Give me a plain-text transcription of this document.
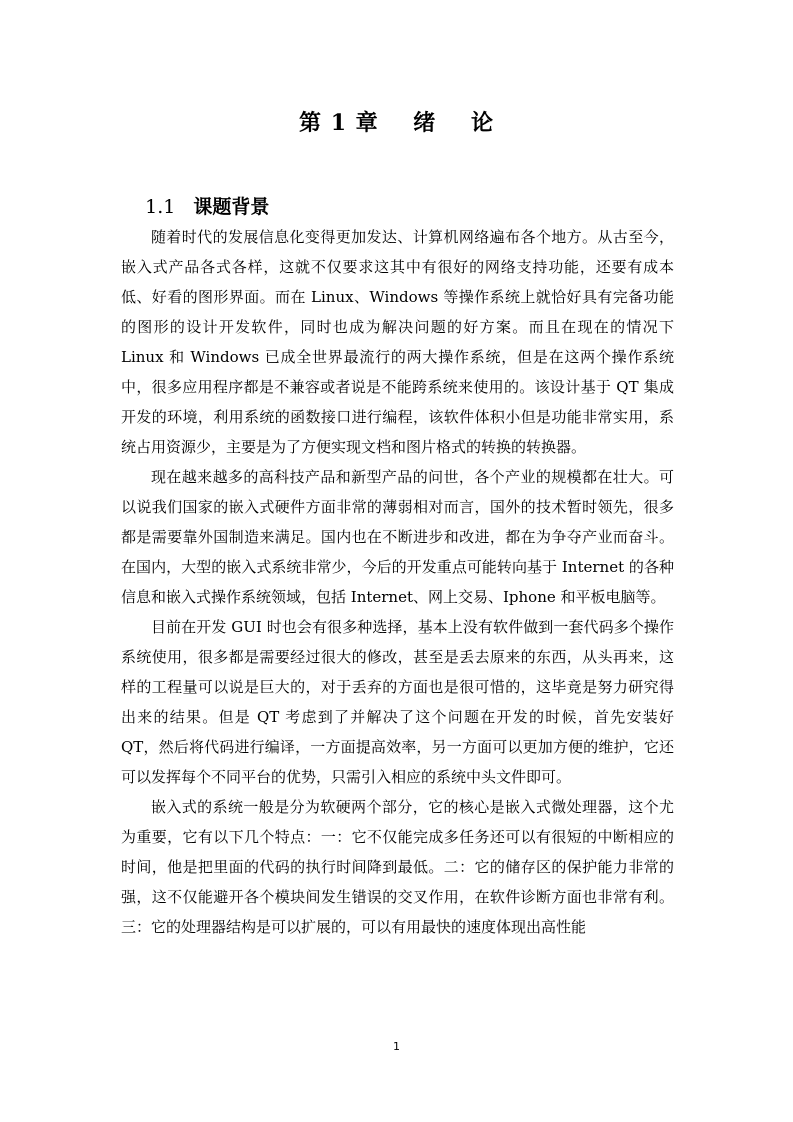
第 1 章    绪    论

1.1 课题背景

随着时代的发展信息化变得更加发达、计算机网络遍布各个地方。从古至今，嵌入式产品各式各样，这就不仅要求这其中有很好的网络支持功能，还要有成本低、好看的图形界面。而在 Linux、Windows 等操作系统上就恰好具有完备功能的图形的设计开发软件，同时也成为解决问题的好方案。而且在现在的情况下 Linux 和 Windows 已成全世界最流行的两大操作系统，但是在这两个操作系统中，很多应用程序都是不兼容或者说是不能跨系统来使用的。该设计基于 QT 集成开发的环境，利用系统的函数接口进行编程，该软件体积小但是功能非常实用，系统占用资源少，主要是为了方便实现文档和图片格式的转换的转换器。

现在越来越多的高科技产品和新型产品的问世，各个产业的规模都在壮大。可以说我们国家的嵌入式硬件方面非常的薄弱相对而言，国外的技术暂时领先，很多都是需要靠外国制造来满足。国内也在不断进步和改进，都在为争夺产业而奋斗。在国内，大型的嵌入式系统非常少，今后的开发重点可能转向基于 Internet 的各种信息和嵌入式操作系统领域，包括 Internet、网上交易、Iphone 和平板电脑等。

目前在开发 GUI 时也会有很多种选择，基本上没有软件做到一套代码多个操作系统使用，很多都是需要经过很大的修改，甚至是丢去原来的东西，从头再来，这样的工程量可以说是巨大的，对于丢弃的方面也是很可惜的，这毕竟是努力研究得出来的结果。但是 QT 考虑到了并解决了这个问题在开发的时候，首先安装好 QT，然后将代码进行编译，一方面提高效率，另一方面可以更加方便的维护，它还可以发挥每个不同平台的优势，只需引入相应的系统中头文件即可。

嵌入式的系统一般是分为软硬两个部分，它的核心是嵌入式微处理器，这个尤为重要，它有以下几个特点：一：它不仅能完成多任务还可以有很短的中断相应的时间，他是把里面的代码的执行时间降到最低。二：它的储存区的保护能力非常的强，这不仅能避开各个模块间发生错误的交叉作用，在软件诊断方面也非常有利。三：它的处理器结构是可以扩展的，可以有用最快的速度体现出高性能

1
